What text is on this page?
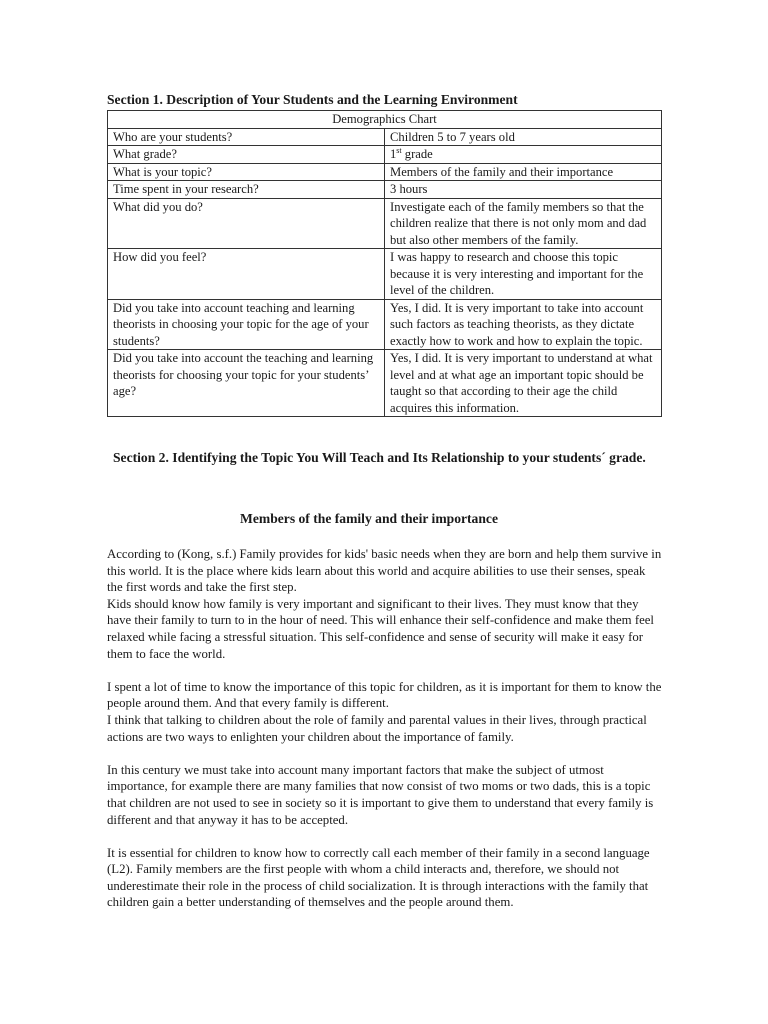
Section 1. Description of Your Students and the Learning Environment
Demographics Chart	
Who are your students?	Children 5 to 7 years old
What grade?	1st grade
What is your topic?	Members of the family and their importance
Time spent in your research?	3 hours
What did you do?	Investigate each of the family members so that the children realize that there is not only mom and dad but also other members of the family.
How did you feel?	I was happy to research and choose this topic because it is very interesting and important for the level of the children.
Did you take into account teaching and learning theorists in choosing your topic for the age of your students?	Yes, I did. It is very important to take into account such factors as teaching theorists, as they dictate exactly how to work and how to explain the topic.
Did you take into account the teaching and learning theorists for choosing your topic for your students’ age?	Yes, I did. It is very important to understand at what level and at what age an important topic should be taught so that according to their age the child acquires this information.
Section 2. Identifying the Topic You Will Teach and Its Relationship to your students´ grade.
Members of the family and their importance

According to (Kong, s.f.) Family provides for kids' basic needs when they are born and help them survive in this world. It is the place where kids learn about this world and acquire abilities to use their senses, speak the first words and take the first step.

Kids should know how family is very important and significant to their lives. They must know that they have their family to turn to in the hour of need. This will enhance their self-confidence and make them feel relaxed while facing a stressful situation. This self-confidence and sense of security will make it easy for them to face the world.

I spent a lot of time to know the importance of this topic for children, as it is important for them to know the people around them. And that every family is different.

I think that talking to children about the role of family and parental values in their lives, through practical actions are two ways to enlighten your children about the importance of family.

In this century we must take into account many important factors that make the subject of utmost importance, for example there are many families that now consist of two moms or two dads, this is a topic that children are not used to see in society so it is important to give them to understand that every family is different and that anyway it has to be accepted.

It is essential for children to know how to correctly call each member of their family in a second language (L2). Family members are the first people with whom a child interacts and, therefore, we should not underestimate their role in the process of child socialization. It is through interactions with the family that children gain a better understanding of themselves and the people around them.
